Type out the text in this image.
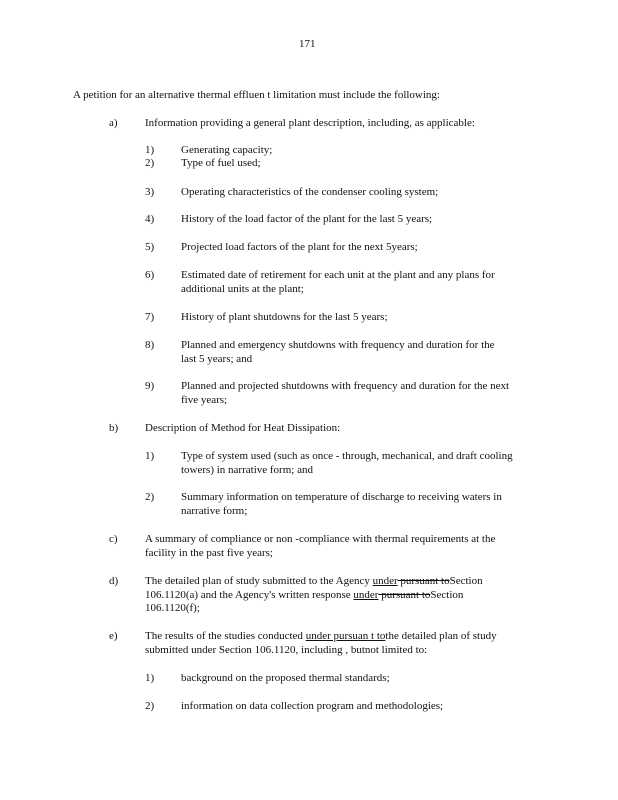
171
A petition for an alternative thermal effluen t limitation must include the following:
a) Information providing a general plant description, including, as applicable:
1) Generating capacity;
2) Type of fuel used;
3) Operating characteristics of the condenser cooling system;
4) History of the load factor of the plant for the last 5 years;
5) Projected load factors of the plant for the next 5years;
6) Estimated date of retirement for each unit at the plant and any plans for
additional units at the plant;
7) History of plant shutdowns for the last 5 years;
8) Planned and emergency shutdowns with frequency and duration for the
last 5 years; and
9) Planned and projected shutdowns with frequency and duration for the next
five years;
b) Description of Method for Heat Dissipation:
1) Type of system used (such as once - through, mechanical, and draft cooling
towers) in narrative form; and
2) Summary information on temperature of discharge to receiving waters in
narrative form;
c) A summary of compliance or non -compliance with thermal requirements at the
facility in the past five years;
d) The detailed plan of study submitted to the Agency under pursuant toSection
106.1120(a) and the Agency's written response under pursuant toSection
106.1120(f);
e) The results of the studies conducted under pursuan t tothe detailed plan of study
submitted under Section 106.1120, including , butnot limited to:
1) background on the proposed thermal standards;
2) information on data collection program and methodologies;
